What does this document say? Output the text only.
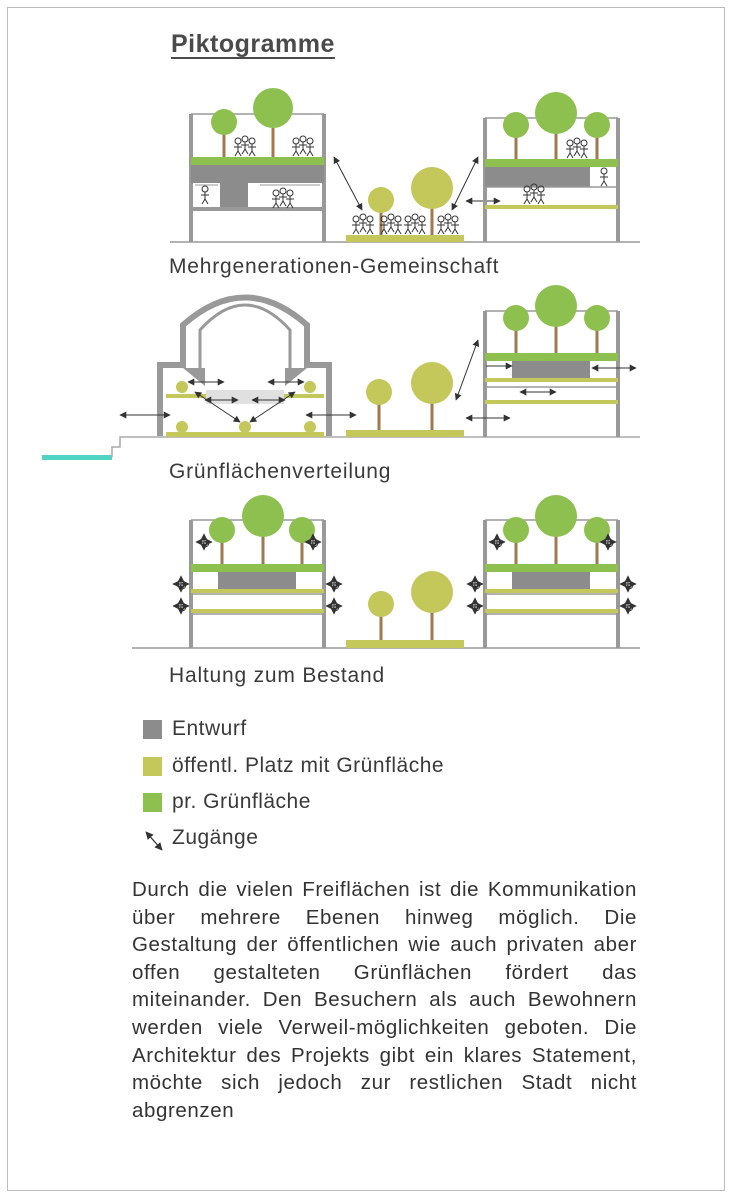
Piktogramme
Mehrgenerationen-Gemeinschaft
Grünflächenverteilung
Haltung zum Bestand
Entwurf
öffentl. Platz mit Grünfläche
pr. Grünfläche
Zugänge
Durch die vielen Freiflächen ist die Kommunikation über mehrere Ebenen hinweg möglich. Die Gestaltung der öffentlichen wie auch privaten aber offen gestalteten Grünflächen fördert das miteinander. Den Besuchern als auch Bewohnern werden viele Verweil-möglichkeiten geboten. Die Architektur des Projekts gibt ein klares Statement, möchte sich jedoch zur restlichen Stadt nicht abgrenzen
